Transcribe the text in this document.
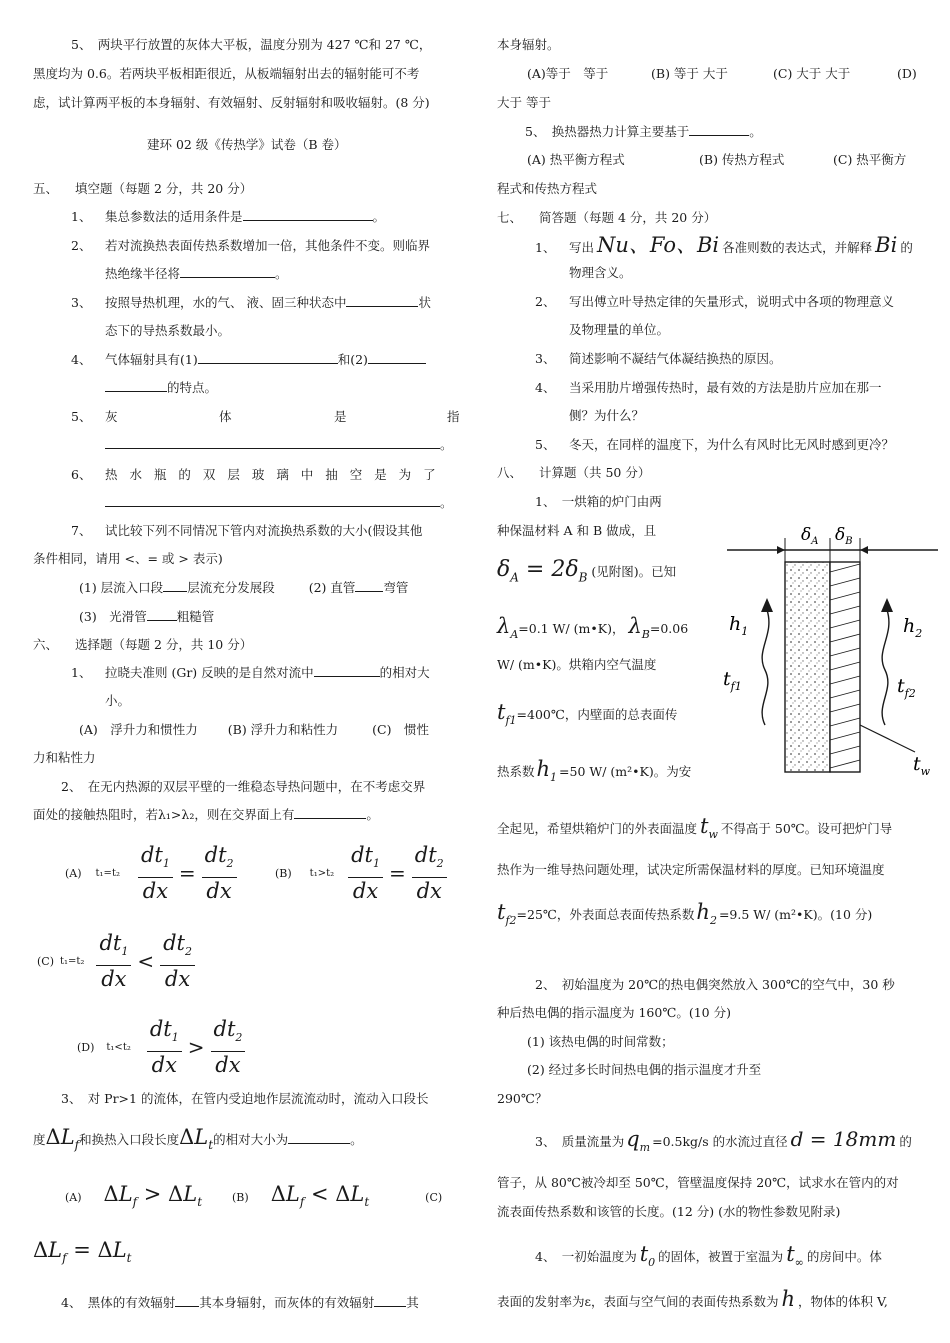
5、　两块平行放置的灰体大平板，温度分别为 427 ℃和 27 ℃，
黑度均为 0.6。若两块平板相距很近，从板端辐射出去的辐射能可不考
虑，试计算两平板的本身辐射、有效辐射、反射辐射和吸收辐射。(8 分)
建环 02 级《传热学》试卷（B 卷）
五、 填空题（每题 2 分，共 20 分）
1、 集总参数法的适用条件是	。
2、 若对流换热表面传热系数增加一倍，其他条件不变。则临界
热绝缘半径将	。
3、 按照导热机理，水的气、 液、固三种状态中	状
态下的导热系数最小。
4、 气体辐射具有(1)	和(2)
的特点。
5、 灰	体	是	指
。
6、 热 水 瓶 的 双 层 玻 璃 中 抽 空 是 为 了
。
7、 试比较下列不同情况下管内对流换热系数的大小(假设其他
条件相同，请用 <、= 或 > 表示)
(1) 层流入口段 层流充分发展段	(2) 直管 弯管
(3)　光滑管 粗糙管
六、 选择题（每题 2 分，共 10 分）
1、 拉晓夫准则 (Gr) 反映的是自然对流中	的相对大
小。
(A)　浮升力和惯性力 (B) 浮升力和粘性力	(C)　惯性
力和粘性力
2、　在无内热源的双层平壁的一维稳态导热问题中，在不考虑交界
面处的接触热阻时，若λ₁>λ₂，则在交界面上有	。
(A) $t_1=t_2 \frac{dt_1}{dx} = \frac{dt_2}{dx}$	(B) $t_1>t_2 \frac{dt_1}{dx} = \frac{dt_2}{dx}$
(C) $t_1=t_2 \frac{dt_1}{dx} < \frac{dt_2}{dx}$
(D) $t_1<t_2 \frac{dt_1}{dx} > \frac{dt_2}{dx}$
3、　对 Pr>1 的流体，在管内受迫地作层流流动时，流动入口段长
度 $\Delta L_f$ 和换热入口段长度 $\Delta L_t$ 的相对大小为	。
(A) $\Delta L_f > \Delta L_t$	(B) $\Delta L_f < \Delta L_t$	(C)
$\Delta L_f = \Delta L_t$
4、　黑体的有效辐射 其本身辐射，而灰体的有效辐射	其
本身辐射。
(A)等于　等于	(B) 等于 大于	(C) 大于 大于	(D)
大于 等于
5、　换热器热力计算主要基于	。
(A) 热平衡方程式	(B) 传热方程式	(C) 热平衡方
程式和传热方程式
七、 简答题（每题 4 分，共 20 分）
1、	写出 Nu、Fo、Bi 各准则数的表达式，并解释 Bi 的
物理含义。
2、 写出傅立叶导热定律的矢量形式，说明式中各项的物理意义
及物理量的单位。
3、 简述影响不凝结气体凝结换热的原因。
4、 当采用肋片增强传热时，最有效的方法是肋片应加在那一
侧？为什么？
5、 冬天，在同样的温度下，为什么有风时比无风时感到更冷？
八、 计算题（共 50 分）
1、　一烘箱的炉门由两
种保温材料 A 和 B 做成，且
$\delta_A = 2\delta_B$ (见附图)。已知
$\lambda_A =0.1$ W/ (m•K)， $\lambda_B =0.06$
W/ (m•K)。烘箱内空气温度
$t_{f1}$ =400℃，内壁面的总表面传
热系数 $h_1 =50$ W/ (m²•K)。为安
全起见，希望烘箱炉门的外表面温度 $t_w$ 不得高于 50℃。设可把炉门导
热作为一维导热问题处理，试决定所需保温材料的厚度。已知环境温度
$t_{f2}$ =25℃，外表面总表面传热系数 $h_2 =9.5$ W/ (m²•K)。(10 分)
2、　初始温度为 20℃的热电偶突然放入 300℃的空气中，30 秒
种后热电偶的指示温度为 160℃。(10 分)
(1) 该热电偶的时间常数；
(2) 经过多长时间热电偶的指示温度才升至
290℃？
3、　质量流量为 $q_m =0.5kg/s$ 的水流过直径 d = 18mm 的
管子，从 80℃被冷却至 50℃，管壁温度保持 20℃，试求水在管内的对
流表面传热系数和该管的长度。(12 分) (水的物性参数见附录)
4、　一初始温度为 $t_0$ 的固体，被置于室温为 $t_\infty$ 的房间中。体
表面的发射率为ε，表面与空气间的表面传热系数为 h ，物体的体积 V,
$\delta_A$ $\delta_B$
$h_1$
$t_{f1}$
$h_2$
$t_{f2}$
$t_w$
